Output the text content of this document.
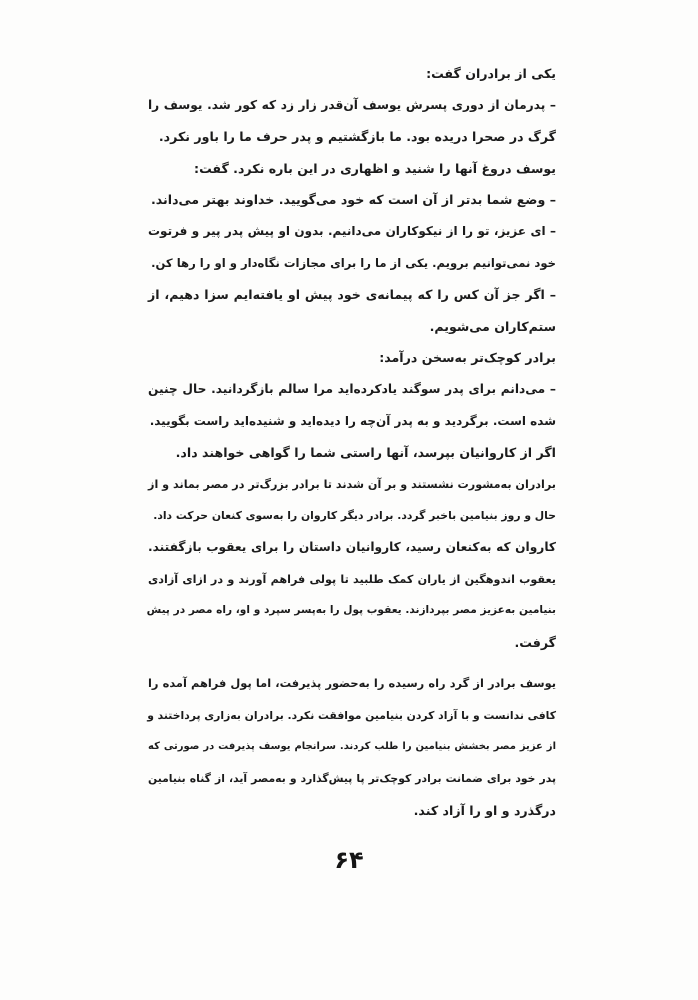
یکی از برادران گفت:
– پدرمان از دوری پسرش یوسف آن‌قدر زار زد که کور شد. یوسف را
گرگ در صحرا دریده بود. ما بازگشتیم و پدر حرف ما را باور نکرد.
یوسف دروغ آنها را شنید و اظهاری در این باره نکرد. گفت:
– وضع شما بدتر از آن است که خود می‌گویید. خداوند بهتر می‌داند.
– ای عزیز، تو را از نیکوکاران می‌دانیم. بدون او پیش پدر پیر و فرتوت
خود نمی‌توانیم برویم. یکی از ما را برای مجازات نگاه‌دار و او را رها کن.
– اگر جز آن کس را که پیمانه‌ی خود پیش او یافته‌ایم سزا دهیم، از
ستم‌کاران می‌شویم.
برادر کوچک‌تر به‌سخن درآمد:
– می‌دانم برای پدر سوگند یادکرده‌اید مرا سالم بازگردانید. حال چنین
شده است. برگردید و به پدر آن‌چه را دیده‌اید و شنیده‌اید راست بگویید.
اگر از کاروانیان بپرسد، آنها راستی شما را گواهی خواهند داد.
برادران به‌مشورت نشستند و بر آن شدند تا برادر بزرگ‌تر در مصر بماند و از
حال و روز بنیامین باخبر گردد. برادر دیگر کاروان را به‌سوی کنعان حرکت داد.
کاروان که به‌کنعان رسید، کاروانیان داستان را برای یعقوب بازگفتند.
یعقوب اندوهگین از یاران کمک طلبید تا پولی فراهم آورند و در ازای آزادی
بنیامین به‌عزیز مصر بپردازند. یعقوب پول را به‌پسر سپرد و او، راه مصر در پیش
گرفت.
یوسف برادر از گرد راه رسیده را به‌حضور پذیرفت، اما پول فراهم آمده را
کافی ندانست و با آزاد کردن بنیامین موافقت نکرد. برادران به‌زاری پرداختند و
از عزیز مصر بخشش بنیامین را طلب کردند. سرانجام یوسف پذیرفت در صورتی که
پدر خود برای ضمانت برادر کوچک‌تر پا پیش‌گذارد و به‌مصر آید، از گناه بنیامین
درگذرد و او را آزاد کند.
۶۴
